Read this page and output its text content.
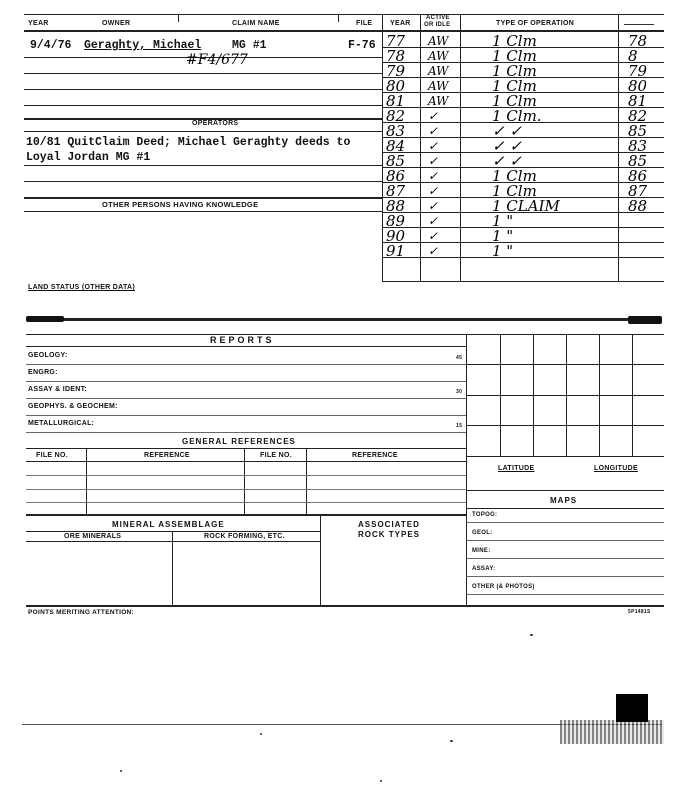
YEAR	OWNER	CLAIM NAME	FILE	YEAR
ACTIVE
OR IDLE	TYPE OF OPERATION
9/4/76 Geraghty, Michael	MG #1	F-76
#F4/677
OPERATORS
10/81 QuitClaim Deed; Michael Geraghty deeds to
Loyal Jordan MG #1
OTHER PERSONS HAVING KNOWLEDGE
77 AW	1 Clm	78
78 AW	1 Clm	8
79 AW	1 Clm	79
80 AW	1 Clm	80
81 AW	1 Clm	81
82 ✓	1 Clm.	82
83 ✓	✓ ✓	85
84 ✓	✓ ✓	83
85 ✓	✓ ✓	85
86 ✓	1 Clm	86
87 ✓	1 Clm	87
88 ✓	1 CLAIM	88
89 ✓	1 "
90 ✓	1 "
91 ✓	1 "
LAND STATUS (OTHER DATA)
REPORTS
GEOLOGY:	45
ENGRG:
ASSAY & IDENT:	30
GEOPHYS. & GEOCHEM:
METALLURGICAL:	15
GENERAL REFERENCES
FILE NO.	REFERENCE	FILE NO.	REFERENCE
MINERAL ASSEMBLAGE
ORE MINERALS	ROCK FORMING, ETC.
ASSOCIATED
ROCK TYPES
LATITUDE	LONGITUDE
MAPS
TOPOG:
GEOL:
MINE:
ASSAY:
OTHER (& PHOTOS)
POINTS MERITING ATTENTION:	5P1481S
